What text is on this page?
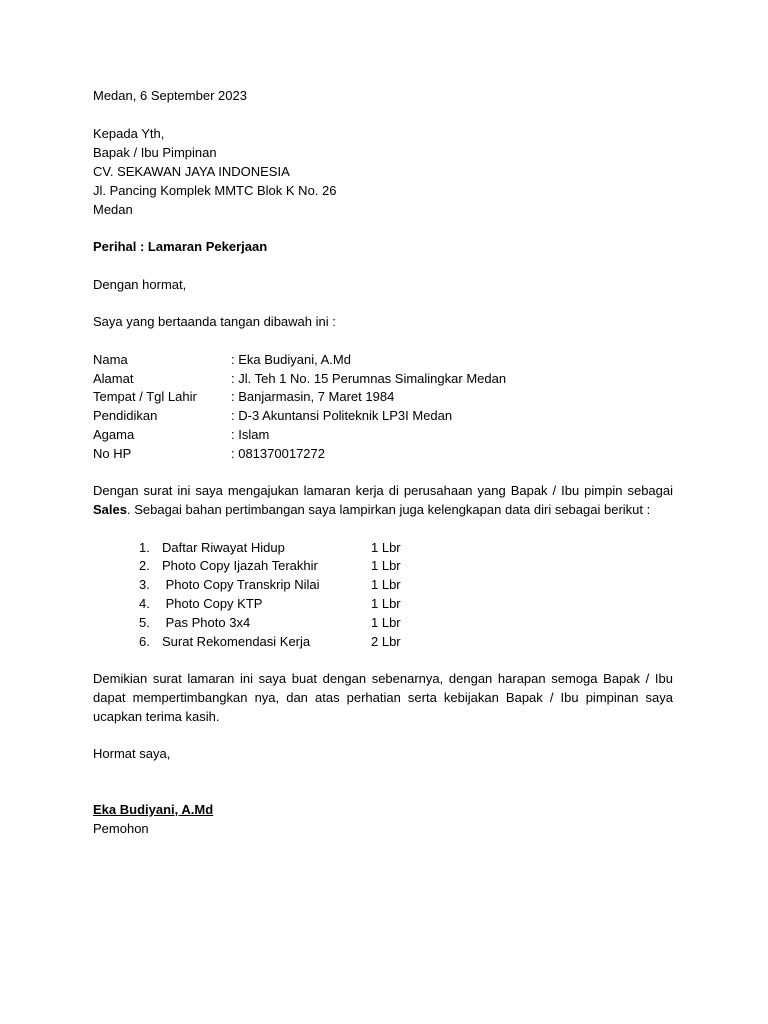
Medan, 6 September 2023
Kepada Yth,
Bapak / Ibu Pimpinan
CV. SEKAWAN JAYA INDONESIA
Jl. Pancing Komplek MMTC Blok K No. 26
Medan
Perihal : Lamaran Pekerjaan
Dengan hormat,
Saya yang bertaanda tangan dibawah ini :
Nama	: Eka Budiyani, A.Md
Alamat	: Jl. Teh 1 No. 15 Perumnas Simalingkar Medan
Tempat / Tgl Lahir	: Banjarmasin, 7 Maret 1984
Pendidikan	: D-3 Akuntansi Politeknik LP3I Medan
Agama	: Islam
No HP	: 081370017272
Dengan surat ini saya mengajukan lamaran kerja di perusahaan yang Bapak / Ibu pimpin sebagai
Sales. Sebagai bahan pertimbangan saya lampirkan juga kelengkapan data diri sebagai berikut :
1. Daftar Riwayat Hidup	1 Lbr
2. Photo Copy Ijazah Terakhir	1 Lbr
3. Photo Copy Transkrip Nilai	1 Lbr
4. Photo Copy KTP	1 Lbr
5. Pas Photo 3x4	1 Lbr
6. Surat Rekomendasi Kerja	2 Lbr
Demikian surat lamaran ini saya buat dengan sebenarnya, dengan harapan semoga Bapak / Ibu
dapat mempertimbangkan nya, dan atas perhatian serta kebijakan Bapak / Ibu pimpinan saya
ucapkan terima kasih.
Hormat saya,
Eka Budiyani, A.Md
Pemohon
